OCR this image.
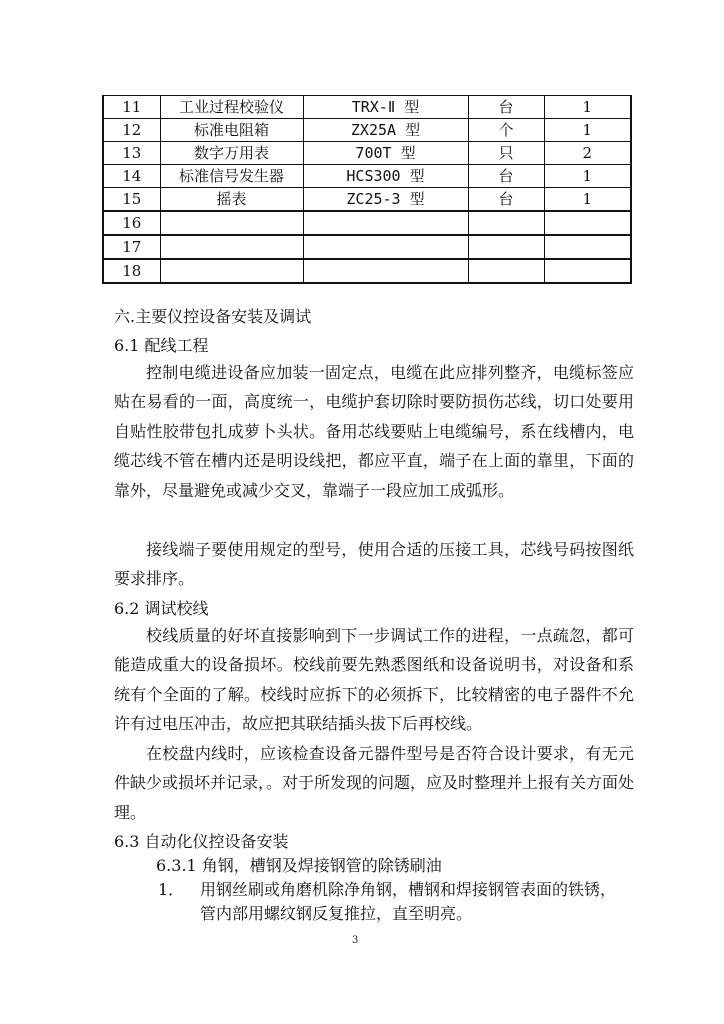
11	工业过程校验仪	TRX-Ⅱ 型	台	1
12	标准电阻箱	ZX25A 型	个	1
13	数字万用表	700T 型	只	2
14	标准信号发生器	HCS300 型	台	1
15	摇表	ZC25-3 型	台	1
16				
17				
18				
六.主要仪控设备安装及调试
6.1 配线工程
控制电缆进设备应加装一固定点，电缆在此应排列整齐，电缆标签应贴在易看的一面，高度统一，电缆护套切除时要防损伤芯线，切口处要用自贴性胶带包扎成萝卜头状。备用芯线要贴上电缆编号，系在线槽内，电缆芯线不管在槽内还是明设线把，都应平直，端子在上面的靠里，下面的靠外，尽量避免或减少交叉，靠端子一段应加工成弧形。
接线端子要使用规定的型号，使用合适的压接工具，芯线号码按图纸要求排序。
6.2 调试校线
校线质量的好坏直接影响到下一步调试工作的进程，一点疏忽，都可能造成重大的设备损坏。校线前要先熟悉图纸和设备说明书，对设备和系统有个全面的了解。校线时应拆下的必须拆下，比较精密的电子器件不允许有过电压冲击，故应把其联结插头拔下后再校线。
在校盘内线时，应该检查设备元器件型号是否符合设计要求，有无元件缺少或损坏并记录，。对于所发现的问题，应及时整理并上报有关方面处理。
6.3 自动化仪控设备安装
6.3.1 角钢，槽钢及焊接钢管的除锈刷油
1． 用钢丝刷或角磨机除净角钢，槽钢和焊接钢管表面的铁锈，
管内部用螺纹钢反复推拉，直至明亮。
3
